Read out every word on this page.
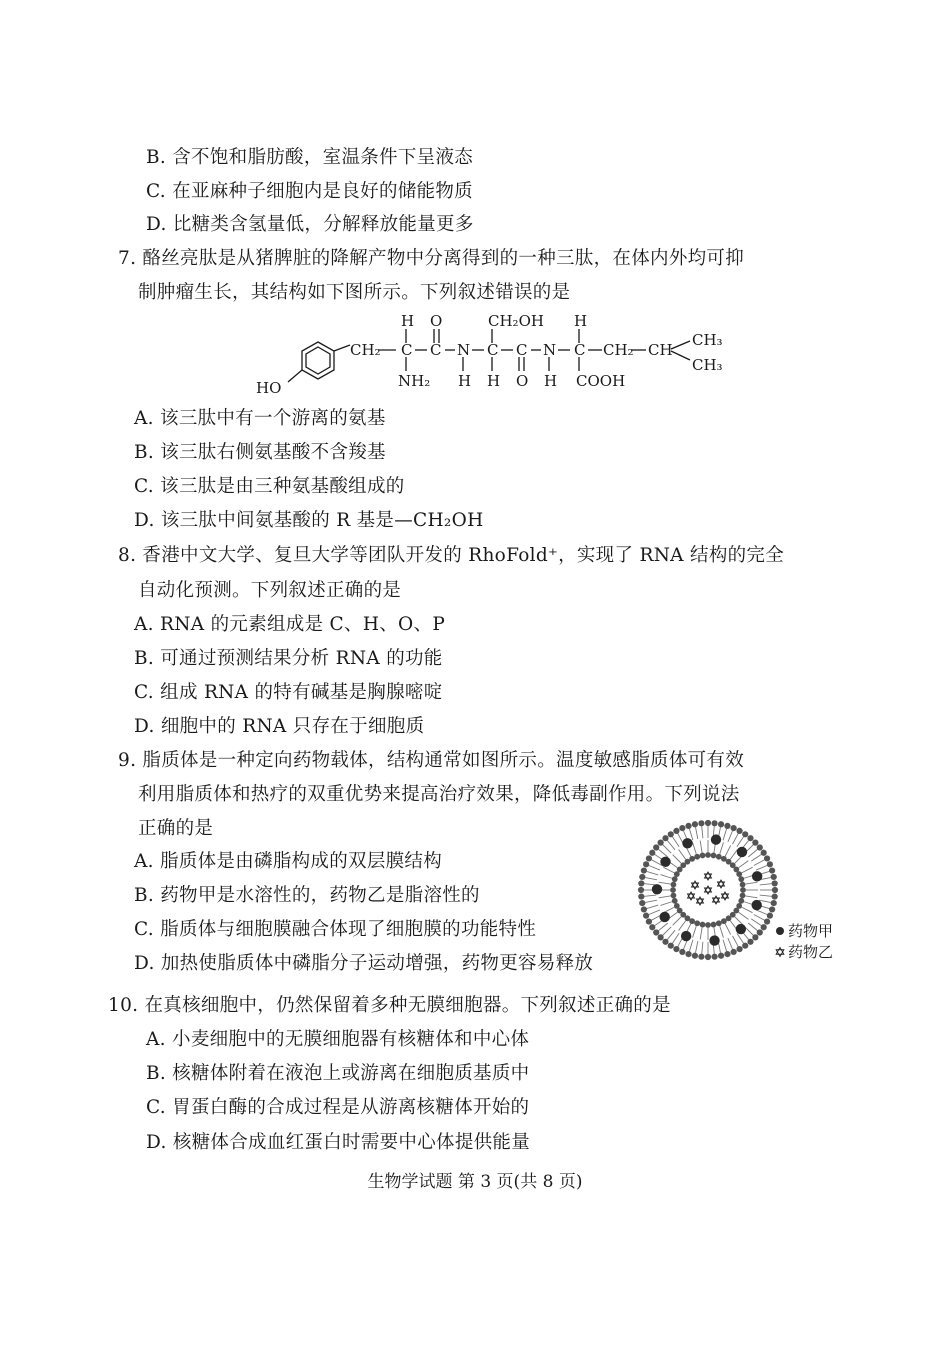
B. 含不饱和脂肪酸，室温条件下呈液态
C. 在亚麻种子细胞内是良好的储能物质
D. 比糖类含氢量低，分解释放能量更多
7. 酪丝亮肽是从猪脾脏的降解产物中分离得到的一种三肽，在体内外均可抑
制肿瘤生长，其结构如下图所示。下列叙述错误的是
HO
CH₂
H
C
NH₂
O
C N
H
CH₂OH
C
H
C
O
N
H
H
C
COOH
CH₂ CH
CH₃
CH₃
A. 该三肽中有一个游离的氨基
B. 该三肽右侧氨基酸不含羧基
C. 该三肽是由三种氨基酸组成的
D. 该三肽中间氨基酸的 R 基是—CH₂OH
8. 香港中文大学、复旦大学等团队开发的 RhoFold⁺，实现了 RNA 结构的完全
自动化预测。下列叙述正确的是
A. RNA 的元素组成是 C、H、O、P
B. 可通过预测结果分析 RNA 的功能
C. 组成 RNA 的特有碱基是胸腺嘧啶
D. 细胞中的 RNA 只存在于细胞质
9. 脂质体是一种定向药物载体，结构通常如图所示。温度敏感脂质体可有效
利用脂质体和热疗的双重优势来提高治疗效果，降低毒副作用。下列说法
正确的是
A. 脂质体是由磷脂构成的双层膜结构
B. 药物甲是水溶性的，药物乙是脂溶性的
C. 脂质体与细胞膜融合体现了细胞膜的功能特性
D. 加热使脂质体中磷脂分子运动增强，药物更容易释放
药物甲
药物乙
10. 在真核细胞中，仍然保留着多种无膜细胞器。下列叙述正确的是
A. 小麦细胞中的无膜细胞器有核糖体和中心体
B. 核糖体附着在液泡上或游离在细胞质基质中
C. 胃蛋白酶的合成过程是从游离核糖体开始的
D. 核糖体合成血红蛋白时需要中心体提供能量
生物学试题 第 3 页(共 8 页)
